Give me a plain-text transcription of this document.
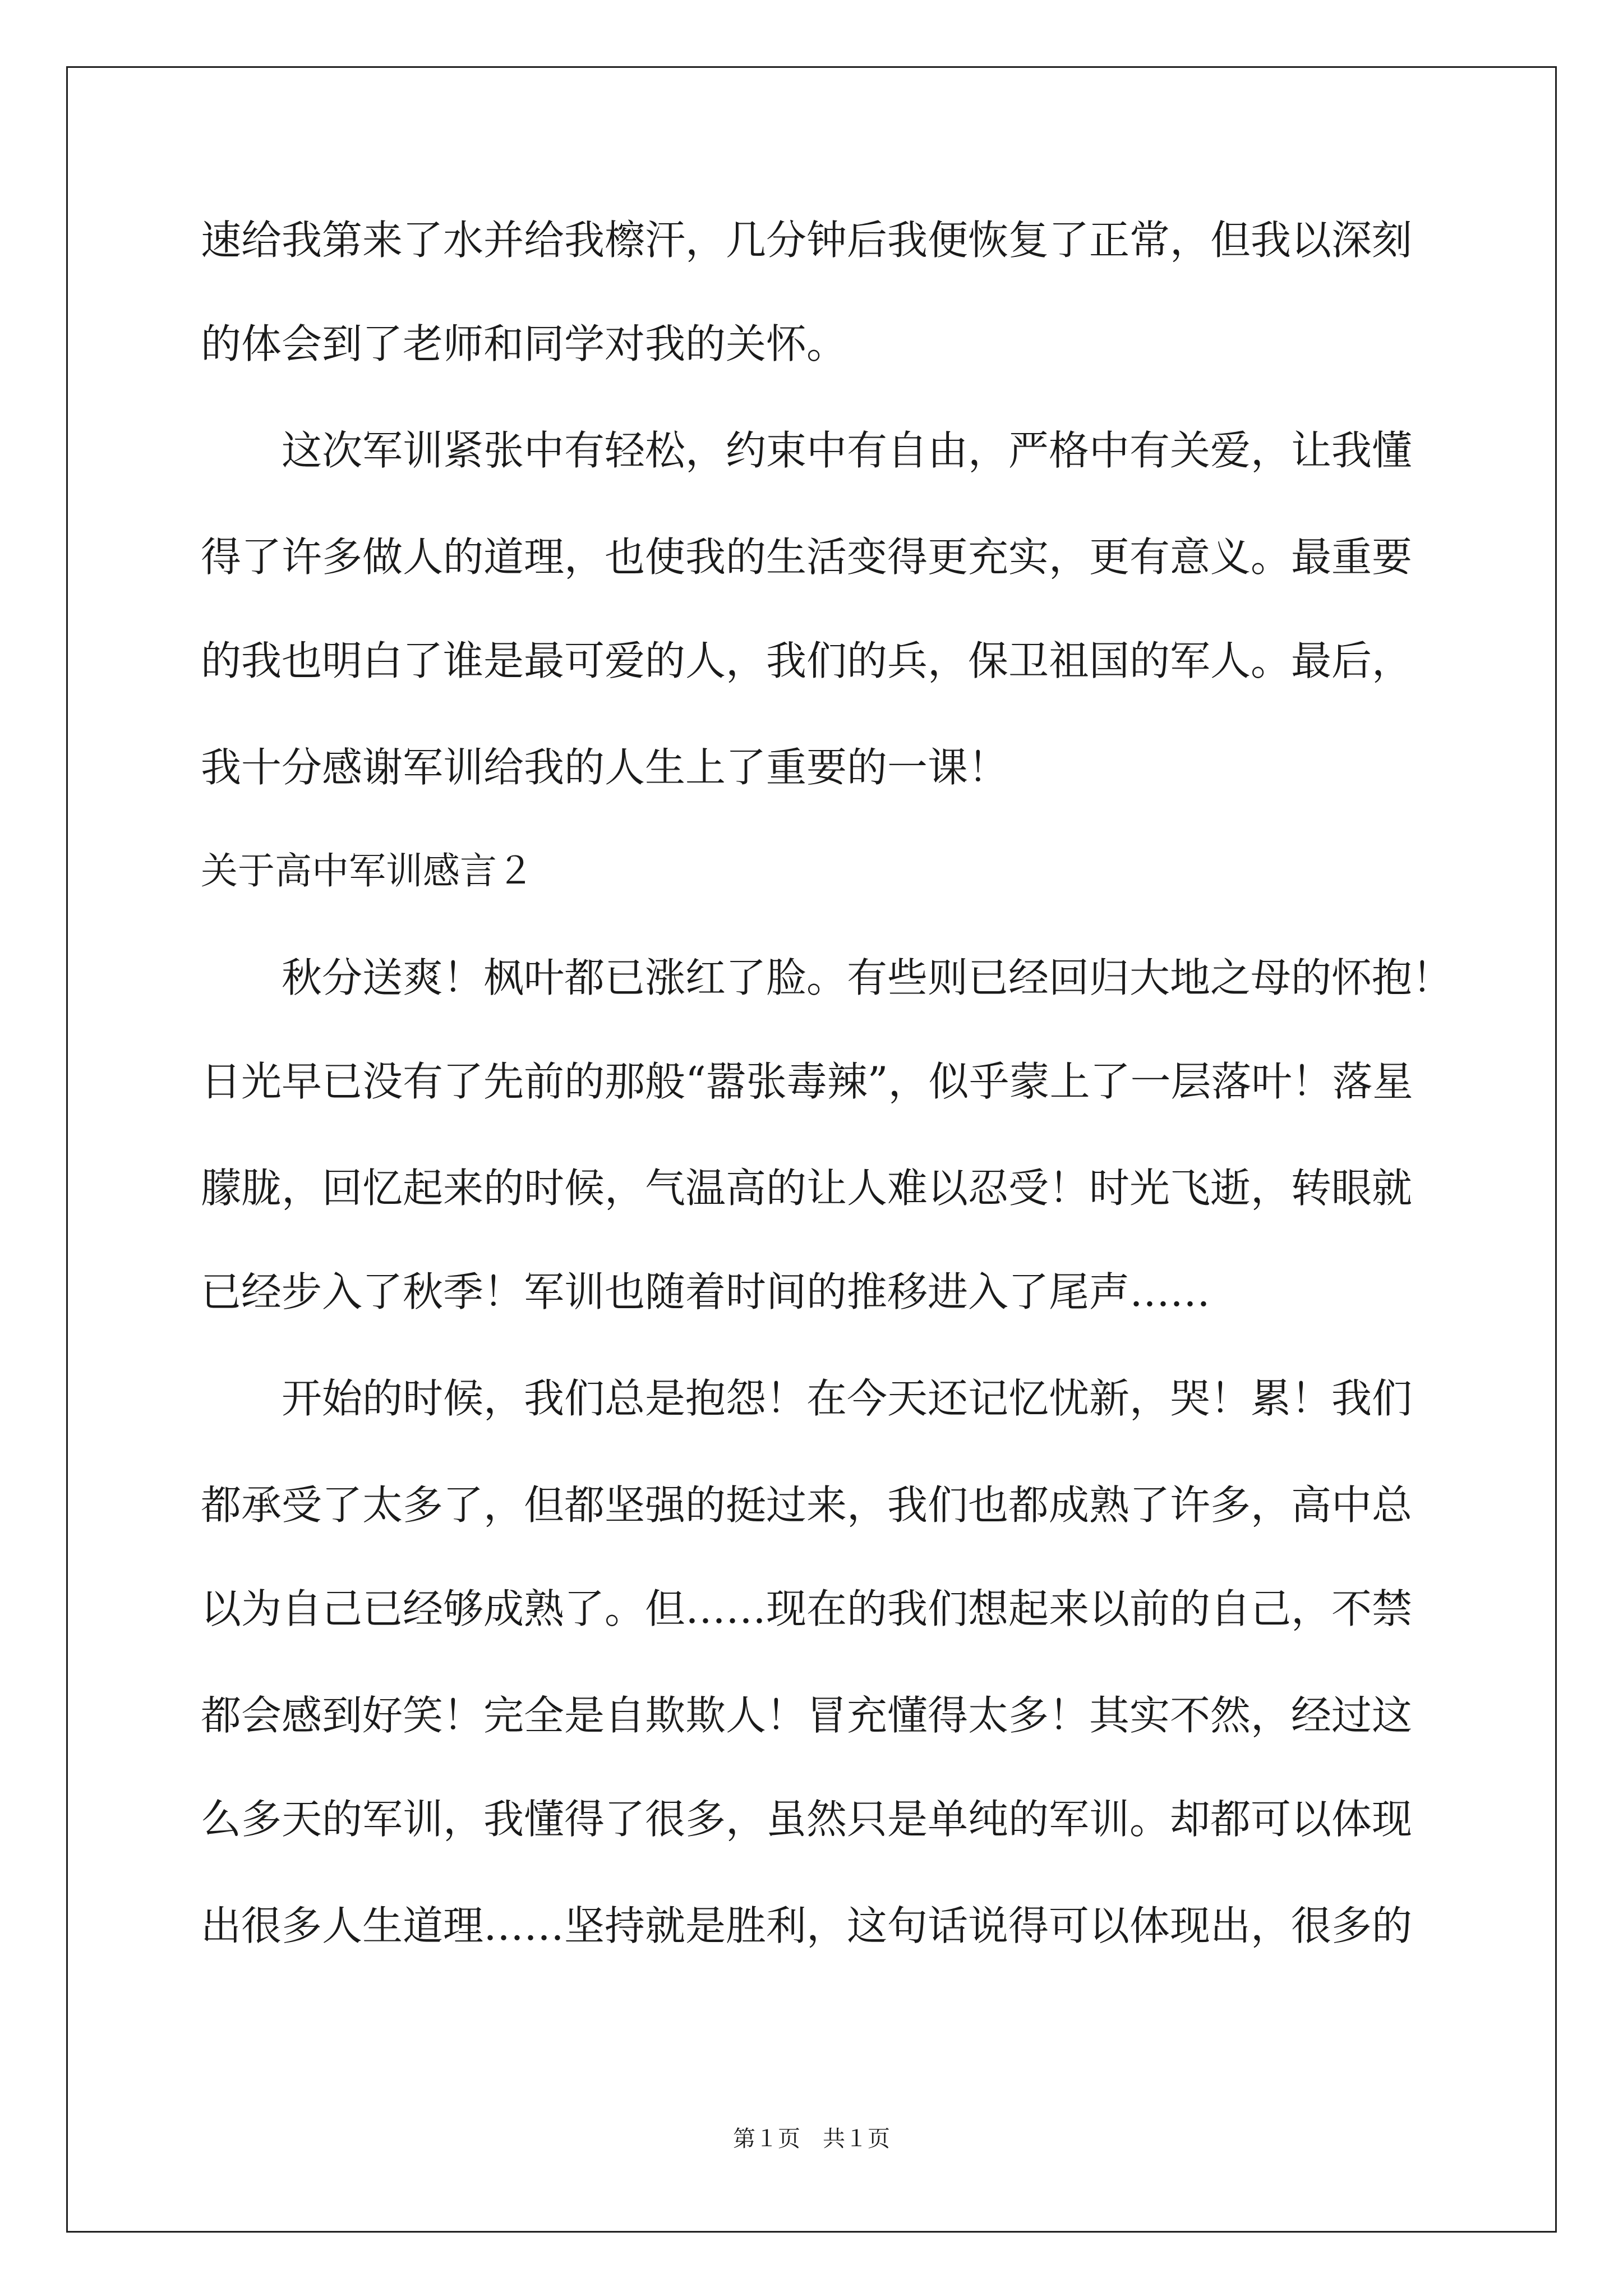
速给我第来了水并给我檫汗，几分钟后我便恢复了正常，但我以深刻
的体会到了老师和同学对我的关怀。
　　这次军训紧张中有轻松，约束中有自由，严格中有关爱，让我懂
得了许多做人的道理，也使我的生活变得更充实，更有意义。最重要
的我也明白了谁是最可爱的人，我们的兵，保卫祖国的军人。最后，
我十分感谢军训给我的人生上了重要的一课！
关于高中军训感言２
　　秋分送爽！枫叶都已涨红了脸。有些则已经回归大地之母的怀抱！
日光早已没有了先前的那般“嚣张毒辣”，似乎蒙上了一层落叶！落星
朦胧，回忆起来的时候，气温高的让人难以忍受！时光飞逝，转眼就
已经步入了秋季！军训也随着时间的推移进入了尾声……
　　开始的时候，我们总是抱怨！在今天还记忆忧新，哭！累！我们
都承受了太多了，但都坚强的挺过来，我们也都成熟了许多，高中总
以为自己已经够成熟了。但……现在的我们想起来以前的自己，不禁
都会感到好笑！完全是自欺欺人！冒充懂得太多！其实不然，经过这
么多天的军训，我懂得了很多，虽然只是单纯的军训。却都可以体现
出很多人生道理……坚持就是胜利，这句话说得可以体现出，很多的
第１页　共１页
